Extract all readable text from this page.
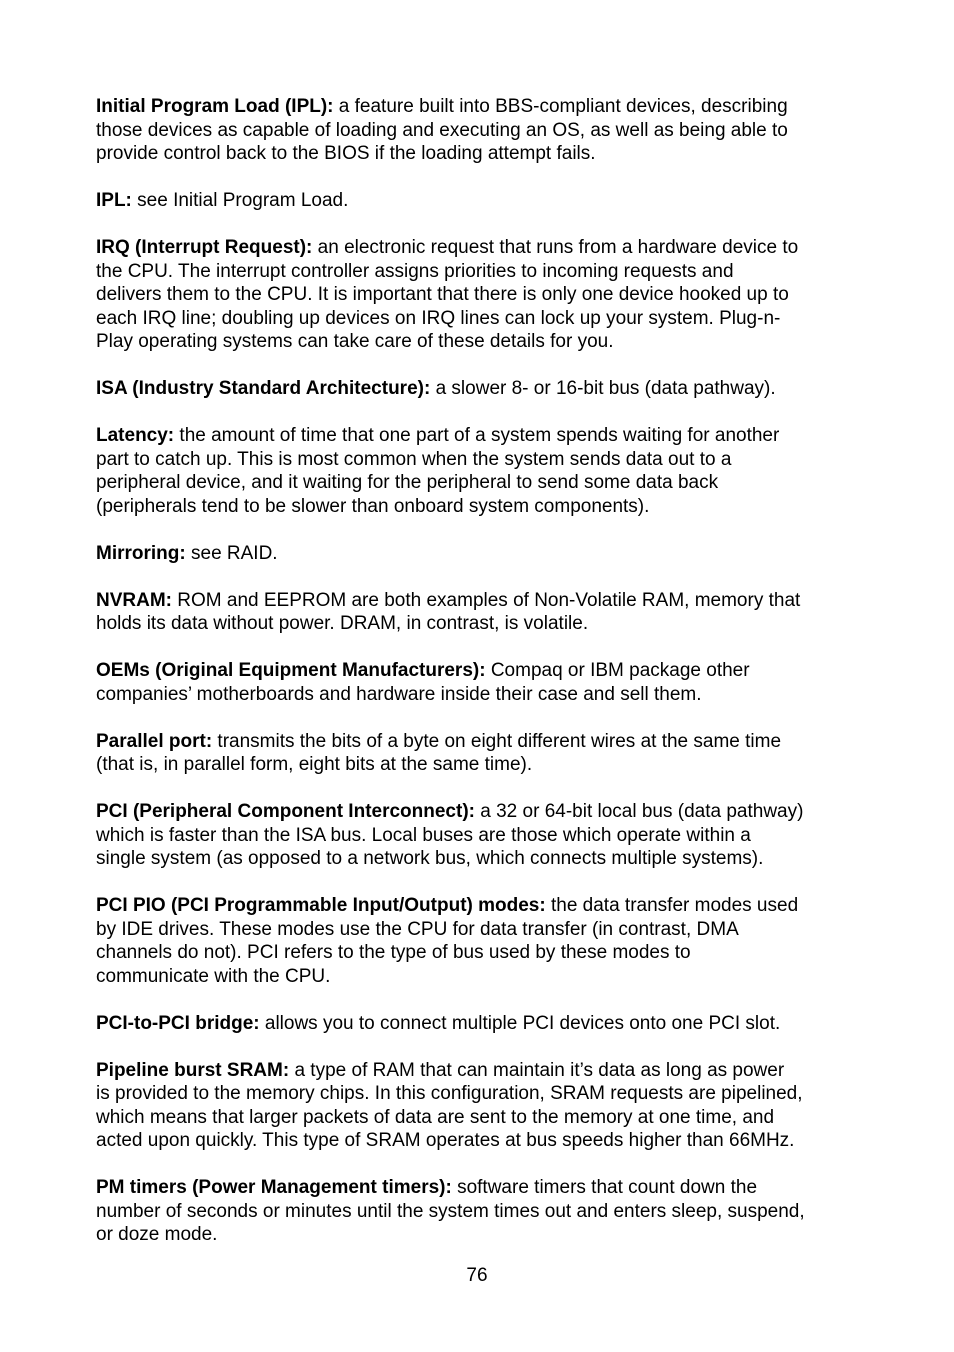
Initial Program Load (IPL): a feature built into BBS-compliant devices, describing
those devices as capable of loading and executing an OS, as well as being able to
provide control back to the BIOS if the loading attempt fails.

IPL: see Initial Program Load.

IRQ (Interrupt Request): an electronic request that runs from a hardware device to
the CPU. The interrupt controller assigns priorities to incoming requests and
delivers them to the CPU. It is important that there is only one device hooked up to
each IRQ line; doubling up devices on IRQ lines can lock up your system. Plug-n-
Play operating systems can take care of these details for you.

ISA (Industry Standard Architecture): a slower 8- or 16-bit bus (data pathway).

Latency: the amount of time that one part of a system spends waiting for another
part to catch up. This is most common when the system sends data out to a
peripheral device, and it waiting for the peripheral to send some data back
(peripherals tend to be slower than onboard system components).

Mirroring: see RAID.

NVRAM: ROM and EEPROM are both examples of Non-Volatile RAM, memory that
holds its data without power. DRAM, in contrast, is volatile.

OEMs (Original Equipment Manufacturers): Compaq or IBM package other
companies’ motherboards and hardware inside their case and sell them.

Parallel port: transmits the bits of a byte on eight different wires at the same time
(that is, in parallel form, eight bits at the same time).

PCI (Peripheral Component Interconnect): a 32 or 64-bit local bus (data pathway)
which is faster than the ISA bus. Local buses are those which operate within a
single system (as opposed to a network bus, which connects multiple systems).

PCI PIO (PCI Programmable Input/Output) modes: the data transfer modes used
by IDE drives. These modes use the CPU for data transfer (in contrast, DMA
channels do not). PCI refers to the type of bus used by these modes to
communicate with the CPU.

PCI-to-PCI bridge: allows you to connect multiple PCI devices onto one PCI slot.

Pipeline burst SRAM: a type of RAM that can maintain it’s data as long as power
is provided to the memory chips. In this configuration, SRAM requests are pipelined,
which means that larger packets of data are sent to the memory at one time, and
acted upon quickly. This type of SRAM operates at bus speeds higher than 66MHz.

PM timers (Power Management timers): software timers that count down the
number of seconds or minutes until the system times out and enters sleep, suspend,
or doze mode.

76
